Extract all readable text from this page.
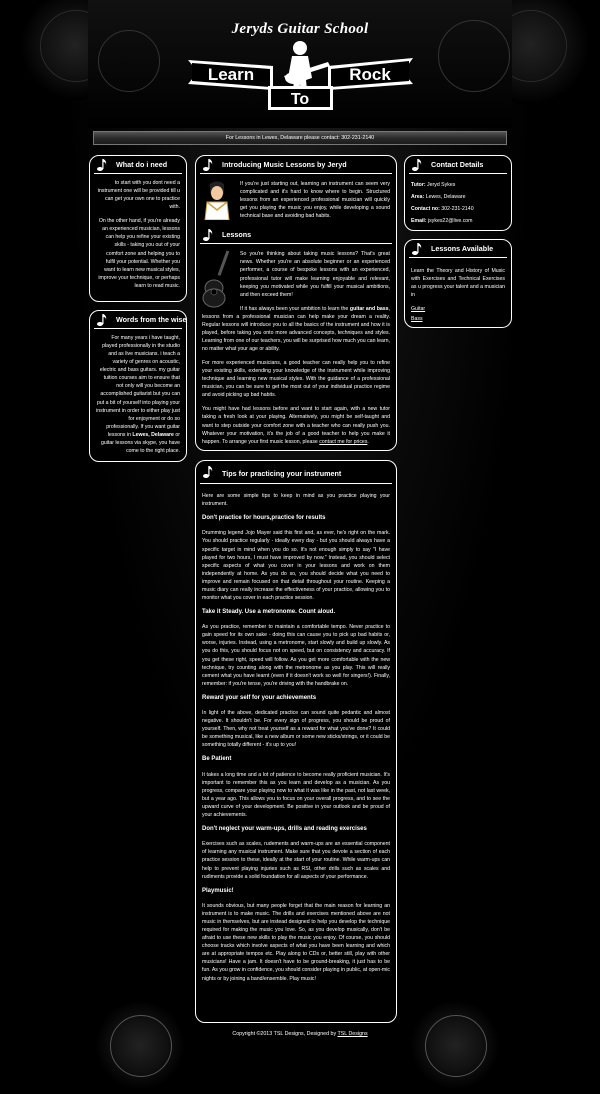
Jeryds Guitar School
Learn
To
Rock
For Lessons in Lewes, Delaware please contact: 302-231-2140
What do i need

to start with you dont need a instrument one will be provided till u can get your own one to practice with.

On the other hand, if you're already an experienced musician, lessons can help you refine your existing skills - taking you out of your comfort zone and helping you to fulfil your potential. Whether you want to learn new musical styles, improve your technique, or perhaps learn to read music.

Words from the wise

For many years i have taught, played professionally in the studio and as live musicians. i teach a variety of genres on acoustic, electric and bass guitars. my guitar tuition courses aim to ensure that not only will you become an accomplished guitarist but you can put a bit of yourself into playing your instrument in order to either play just for enjoyment or do so professionally. If you want guitar lessons in Lewes, Delaware or guitar lessons via skype, you have come to the right place.

Introducing Music Lessons by Jeryd

If you're just starting out, learning an instrument can seem very complicated and it's hard to know where to begin. Structured lessons from an experienced professional musician will quickly get you playing the music you enjoy, while developing a sound technical base and avoiding bad habits.

Lessons

So you're thinking about taking music lessons? That's great news. Whether you're an absolute beginner or an experienced performer, a course of bespoke lessons with an experienced, professional tutor will make learning enjoyable and relevant, keeping you motivated while you fulfill your musical ambitions, and then exceed them!

If it has always been your ambition to learn the guitar and bass, lessons from a professional musician can help make your dream a reality. Regular lessons will introduce you to all the basics of the instrument and how it is played, before taking you onto more advanced concepts, techniques and styles. Learning from one of our teachers, you will be surprised how much you can learn, no matter what your age or ability.

For more experienced musicians, a good teacher can really help you to refine your existing skills, extending your knowledge of the instrument while improving technique and learning new musical styles. With the guidance of a professional musician, you can be sure to get the most out of your individual practice regime and avoid picking up bad habits.

You might have had lessons before and want to start again, with a new tutor taking a fresh look at your playing. Alternatively, you might be self-taught and want to step outside your comfort zone with a teacher who can really push you. Whatever your motivation, it's the job of a good teacher to help you make it happen. To arrange your first music lesson, please contact me for prices.

Tips for practicing your instrument

Here are some simple tips to keep in mind as you practice playing your instrument.

Don't practice for hours,practice for results

Drumming legend Jojo Mayer said this first and, as ever, he's right on the mark. You should practice regularly - ideally every day - but you should always have a specific target in mind when you do so. It's not enough simply to say "I have played for two hours, I must have improved by now." Instead, you should select specific aspects of what you cover in your lessons and work on them independently at home. As you do so, you should decide what you need to improve and remain focused on that detail throughout your routine. Keeping a music diary can really increase the effectiveness of your practice, allowing you to monitor what you cover in each practice session.

Take it Steady. Use a metronome. Count aloud.

As you practice, remember to maintain a comfortable tempo. Never practice to gain speed for its own sake - doing this can cause you to pick up bad habits or, worse, injuries. Instead, using a metronome, start slowly and build up slowly. As you do this, you should focus not on speed, but on consistency and accuracy. If you get these right, speed will follow. As you get more comfortable with the new technique, try counting along with the metronome as you play. This will really cement what you have learnt (even if it doesn't work so well for singers!). Finally, remember: if you're tense, you're driving with the handbrake on.

Reward your self for your achievements

In light of the above, dedicated practice can sound quite pedantic and almost negative. It shouldn't be. For every sign of progress, you should be proud of yourself. Then, why not treat yourself as a reward for what you've done? It could be something musical, like a new album or some new sticks/strings, or it could be something totally different - it's up to you!

Be Patient

It takes a long time and a lot of patience to become really proficient musician. It's important to remember this as you learn and develop as a musician. As you progress, compare your playing now to what it was like in the past, not last week, but a year ago. This allows you to focus on your overall progress, and to see the upward curve of your development. Be positive in your outlook and be proud of your achievements.

Don't neglect your warm-ups, drills and reading exercises

Exercises such as scales, rudements and warm-ups are an essential component of learning any musical instrument. Make sure that you devote a section of each practice session to these, ideally at the start of your routine. While warm-ups can help to prevent playing injuries such as RSI, other drills such as scales and rudiments provide a solid foundation for all aspects of your performance.

Playmusic!

It sounds obvious, but many people forget that the main reason for learning an instrument is to make music. The drills and exercises mentioned above are not music in themselves, but are instead designed to help you develop the technique required for making the music you love. So, as you develop musically, don't be afraid to use these new skills to play the music you enjoy. Of course, you should choose tracks which involve aspects of what you have been learning and which are at appropriate tempos etc. Play along to CDs or, better still, play with other musicians! Have a jam. It doesn't have to be ground-breaking, it just has to be fun. As you grow in confidence, you should consider playing in public, at open-mic nights or by joining a band/ensemble. Play music!

Contact Details

Tutor: Jeryd Sykes

Area: Lewes, Delaware

Contact no: 302-231-2140

Email: jsykes22@live.com

Lessons Available

Learn the Theory and History of Music with Exercises and Technical Exercises as u progress your talent and a musician in

Guitar
Bass
Copyright ©2013 TSL Designs, Designed by TSL Designs
